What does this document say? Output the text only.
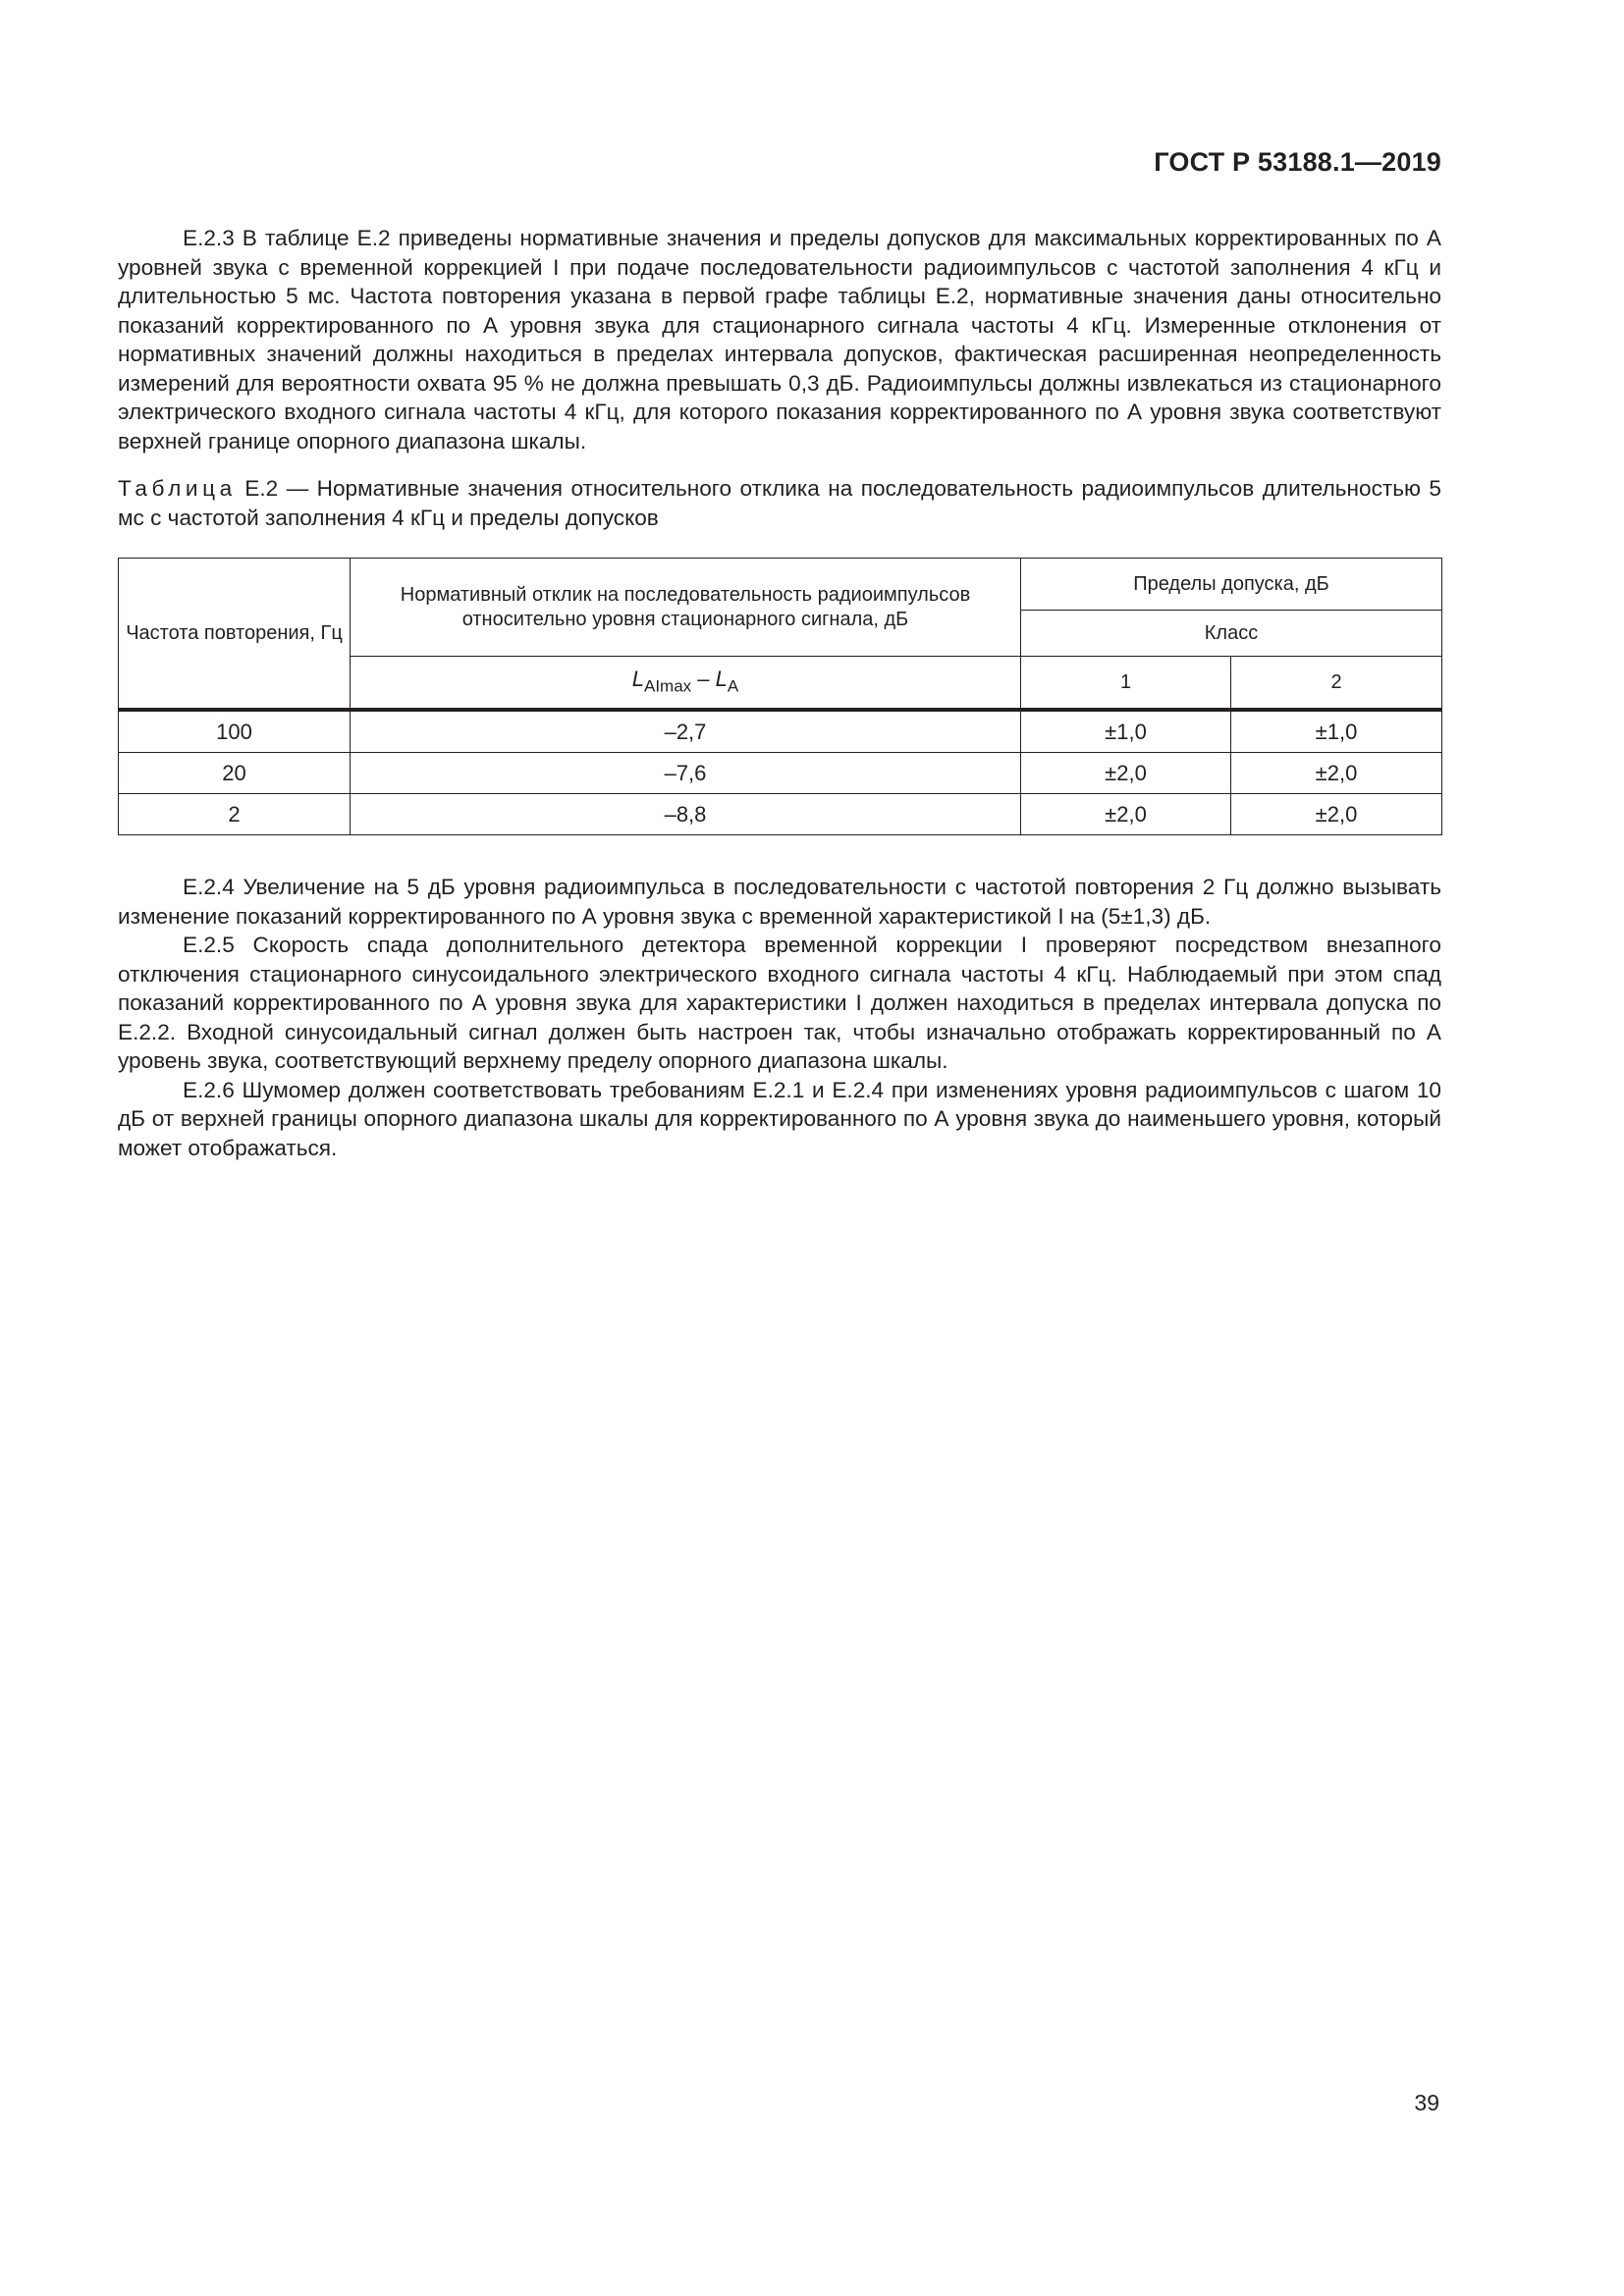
ГОСТ Р 53188.1—2019

Е.2.3 В таблице Е.2 приведены нормативные значения и пределы допусков для максимальных корректированных по А уровней звука с временной коррекцией I при подаче последовательности радиоимпульсов с частотой заполнения 4 кГц и длительностью 5 мс. Частота повторения указана в первой графе таблицы Е.2, нормативные значения даны относительно показаний корректированного по А уровня звука для стационарного сигнала частоты 4 кГц. Измеренные отклонения от нормативных значений должны находиться в пределах интервала допусков, фактическая расширенная неопределенность измерений для вероятности охвата 95 % не должна превышать 0,3 дБ. Радиоимпульсы должны извлекаться из стационарного электрического входного сигнала частоты 4 кГц, для которого показания корректированного по А уровня звука соответствуют верхней границе опорного диапазона шкалы.

Таблица Е.2 — Нормативные значения относительного отклика на последовательность радиоимпульсов длительностью 5 мс с частотой заполнения 4 кГц и пределы допусков

Частота повторения, Гц	Нормативный отклик на последовательность радиоимпульсов относительно уровня стационарного сигнала, дБ	Пределы допуска, дБ	
		Класс	
	$L_{AImax} - L_A$	1	2
100	–2,7	±1,0	±1,0
20	–7,6	±2,0	±2,0
2	–8,8	±2,0	±2,0

Е.2.4 Увеличение на 5 дБ уровня радиоимпульса в последовательности с частотой повторения 2 Гц должно вызывать изменение показаний корректированного по А уровня звука с временной характеристикой I на (5±1,3) дБ.

Е.2.5 Скорость спада дополнительного детектора временной коррекции I проверяют посредством внезапного отключения стационарного синусоидального электрического входного сигнала частоты 4 кГц. Наблюдаемый при этом спад показаний корректированного по А уровня звука для характеристики I должен находиться в пределах интервала допуска по Е.2.2. Входной синусоидальный сигнал должен быть настроен так, чтобы изначально отображать корректированный по А уровень звука, соответствующий верхнему пределу опорного диапазона шкалы.

Е.2.6 Шумомер должен соответствовать требованиям Е.2.1 и Е.2.4 при изменениях уровня радиоимпульсов с шагом 10 дБ от верхней границы опорного диапазона шкалы для корректированного по А уровня звука до наименьшего уровня, который может отображаться.

39
